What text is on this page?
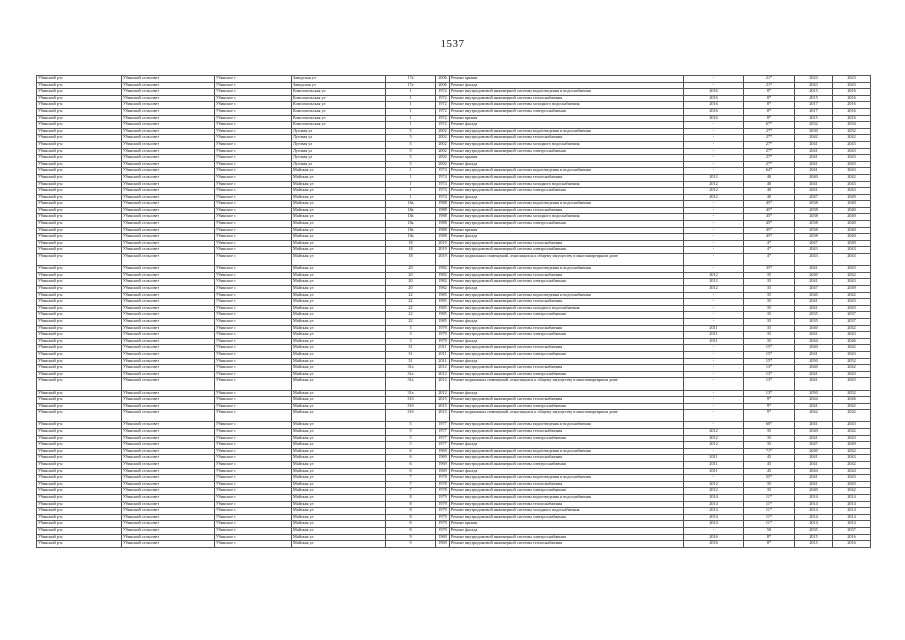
1537
Убинский р-н	Убинский сельсовет	Убинское с	Заводская ул	17а	2006	Ремонт крыши	-	21*	2023	2023
Убинский р-н	Убинский сельсовет	Убинское с	Заводская ул	17а	2006	Ремонт фасада	-	21*	2043	2043
Убинский р-н	Убинский сельсовет	Убинское с	Комсомольская ул	1	1972	Ремонт внутридомовой инженерной системы водоотведения и водоснабжения	2016	8*	2015	2016
Убинский р-н	Убинский сельсовет	Убинское с	Комсомольская ул	1	1972	Ремонт внутридомовой инженерной системы теплоснабжения	2016	8*	2015	2016
Убинский р-н	Убинский сельсовет	Убинское с	Комсомольская ул	1	1972	Ремонт внутридомовой инженерной системы холодного водоснабжения	2016	8*	2017	2016
Убинский р-н	Убинский сельсовет	Убинское с	Комсомольская ул	1	1972	Ремонт внутридомовой инженерной системы электроснабжения	2016	8*	2017	2016
Убинский р-н	Убинский сельсовет	Убинское с	Комсомольская ул	1	1972	Ремонт крыши	2016	8*	2015	2016
Убинский р-н	Убинский сельсовет	Убинское с	Комсомольская ул	1	1972	Ремонт фасада	-	67*	2032	2034
Убинский р-н	Убинский сельсовет	Убинское с	Луговая ул	5	2002	Ремонт внутридомовой инженерной системы водоотведения и водоснабжения	-	27*	2030	2032
Убинский р-н	Убинский сельсовет	Убинское с	Луговая ул	5	2002	Ремонт внутридомовой инженерной системы теплоснабжения	-	27*	2042	2042
Убинский р-н	Убинский сельсовет	Убинское с	Луговая ул	5	2002	Ремонт внутридомовой инженерной системы холодного водоснабжения	-	27*	2041	2043
Убинский р-н	Убинский сельсовет	Убинское с	Луговая ул	5	2002	Ремонт внутридомовой инженерной системы электроснабжения	-	27*	2041	2043
Убинский р-н	Убинский сельсовет	Убинское с	Луговая ул	5	2002	Ремонт крыши	-	27*	2041	2043
Убинский р-н	Убинский сельсовет	Убинское с	Луговая ул	5	2002	Ремонт фасада	-	27*	2041	2043
Убинский р-н	Убинский сельсовет	Убинское с	Майская ул	1	1974	Ремонт внутридомовой инженерной системы водоотведения и водоснабжения	-	64*	2041	2043
Убинский р-н	Убинский сельсовет	Убинское с	Майская ул	1	1974	Ремонт внутридомовой инженерной системы теплоснабжения	2012	40	2040	2042
Убинский р-н	Убинский сельсовет	Убинское с	Майская ул	1	1974	Ремонт внутридомовой инженерной системы холодного водоснабжения	2012	40	2041	2043
Убинский р-н	Убинский сельсовет	Убинское с	Майская ул	1	1974	Ремонт внутридомовой инженерной системы электроснабжения	2012	40	2041	2043
Убинский р-н	Убинский сельсовет	Убинское с	Майская ул	1	1974	Ремонт фасада	2012	40	2047	2049
Убинский р-н	Убинский сельсовет	Убинское с	Майская ул	18а	1988	Ремонт внутридомовой инженерной системы водоотведения и водоснабжения	-	45*	2038	2040
Убинский р-н	Убинский сельсовет	Убинское с	Майская ул	18а	1988	Ремонт внутридомовой инженерной системы теплоснабжения	-	45*	2038	2040
Убинский р-н	Убинский сельсовет	Убинское с	Майская ул	18а	1988	Ремонт внутридомовой инженерной системы холодного водоснабжения	-	45*	2038	2040
Убинский р-н	Убинский сельсовет	Убинское с	Майская ул	18а	1988	Ремонт внутридомовой инженерной системы электроснабжения	-	45*	2038	2040
Убинский р-н	Убинский сельсовет	Убинское с	Майская ул	18а	1988	Ремонт крыши	-	45*	2038	2040
Убинский р-н	Убинский сельсовет	Убинское с	Майская ул	18а	1988	Ремонт фасада	-	45*	2038	2040
Убинский р-н	Убинский сельсовет	Убинское с	Майская ул	18	2019	Ремонт внутридомовой инженерной системы теплоснабжения	-	4*	2047	2049
Убинский р-н	Убинский сельсовет	Убинское с	Майская ул	18	2019	Ремонт внутридомовой инженерной системы электроснабжения	-	4*	2043	2043
Убинский р-н	Убинский сельсовет	Убинское с	Майская ул	18	2019	Ремонт подвальных помещений, относящихся к общему имуществу в многоквартирном доме	-	4*	2043	2043
Убинский р-н	Убинский сельсовет	Убинское с	Майская ул	20	1982	Ремонт внутридомовой инженерной системы водоотведения и водоснабжения	-	35*	2041	2043
Убинский р-н	Убинский сельсовет	Убинское с	Майская ул	20	1982	Ремонт внутридомовой инженерной системы теплоснабжения	2012	35	2040	2042
Убинский р-н	Убинский сельсовет	Убинское с	Майская ул	20	1982	Ремонт внутридомовой инженерной системы электроснабжения	2012	35	2041	2043
Убинский р-н	Убинский сельсовет	Убинское с	Майская ул	20	1982	Ремонт фасада	2012	35	2047	2049
Убинский р-н	Убинский сельсовет	Убинское с	Майская ул	22	1985	Ремонт внутридомовой инженерной системы водоотведения и водоснабжения	-	35	2040	2042
Убинский р-н	Убинский сельсовет	Убинское с	Майская ул	22	1985	Ремонт внутридомовой инженерной системы теплоснабжения	-	35	2041	2043
Убинский р-н	Убинский сельсовет	Убинское с	Майская ул	22	1985	Ремонт внутридомовой инженерной системы холодного водоснабжения	-	35	2041	2043
Убинский р-н	Убинский сельсовет	Убинское с	Майская ул	22	1985	Ремонт внутридомовой инженерной системы электроснабжения	-	35	2035	2037
Убинский р-н	Убинский сельсовет	Убинское с	Майская ул	22	1985	Ремонт фасада	-	35	2035	2037
Убинский р-н	Убинский сельсовет	Убинское с	Майская ул	3	1979	Ремонт внутридомовой инженерной системы теплоснабжения	2011	35	2040	2042
Убинский р-н	Убинский сельсовет	Убинское с	Майская ул	3	1979	Ремонт внутридомовой инженерной системы электроснабжения	2011	35	2041	2043
Убинский р-н	Убинский сельсовет	Убинское с	Майская ул	3	1979	Ремонт фасада	2011	35	2044	2046
Убинский р-н	Убинский сельсовет	Убинское с	Майская ул	31	2011	Ремонт внутридомовой инженерной системы теплоснабжения	-	15*	2040	2042
Убинский р-н	Убинский сельсовет	Убинское с	Майская ул	31	2011	Ремонт внутридомовой инженерной системы электроснабжения	-	15*	2041	2043
Убинский р-н	Убинский сельсовет	Убинское с	Майская ул	31	2011	Ремонт фасада	-	15*	2050	2052
Убинский р-н	Убинский сельсовет	Убинское с	Майская ул	31а	2012	Ремонт внутридомовой инженерной системы теплоснабжения	-	13*	2040	2042
Убинский р-н	Убинский сельсовет	Убинское с	Майская ул	31а	2012	Ремонт внутридомовой инженерной системы электроснабжения	-	13*	2041	2043
Убинский р-н	Убинский сельсовет	Убинское с	Майская ул	31а	2012	Ремонт подвальных помещений, относящихся к общему имуществу в многоквартирном доме	-	13*	2041	2043
Убинский р-н	Убинский сельсовет	Убинское с	Майская ул	31а	2012	Ремонт фасада	-	13*	2050	2052
Убинский р-н	Убинский сельсовет	Убинское с	Майская ул	31б	2015	Ремонт внутридомовой инженерной системы теплоснабжения	-	9*	2044	2046
Убинский р-н	Убинский сельсовет	Убинское с	Майская ул	31б	2015	Ремонт внутридомовой инженерной системы электроснабжения	-	9*	2041	2042
Убинский р-н	Убинский сельсовет	Убинское с	Майская ул	31б	2015	Ремонт подвальных помещений, относящихся к общему имуществу в многоквартирном доме	-	9*	2042	2042
Убинский р-н	Убинский сельсовет	Убинское с	Майская ул	5	1977	Ремонт внутридомовой инженерной системы водоотведения и водоснабжения	-	60*	2041	2043
Убинский р-н	Убинский сельсовет	Убинское с	Майская ул	5	1977	Ремонт внутридомовой инженерной системы теплоснабжения	2012	35	2040	2042
Убинский р-н	Убинский сельсовет	Убинское с	Майская ул	5	1977	Ремонт внутридомовой инженерной системы электроснабжения	2012	35	2041	2043
Убинский р-н	Убинский сельсовет	Убинское с	Майская ул	5	1977	Ремонт фасада	2012	35	2047	2049
Убинский р-н	Убинский сельсовет	Убинское с	Майская ул	6	1969	Ремонт внутридомовой инженерной системы водоотведения и водоснабжения	-	71*	2040	2042
Убинский р-н	Убинский сельсовет	Убинское с	Майская ул	6	1969	Ремонт внутридомовой инженерной системы теплоснабжения	2011	45	2041	2043
Убинский р-н	Убинский сельсовет	Убинское с	Майская ул	6	1969	Ремонт внутридомовой инженерной системы электроснабжения	2011	45	2041	2042
Убинский р-н	Убинский сельсовет	Убинское с	Майская ул	6	1969	Ремонт фасада	2011	45	2044	2044
Убинский р-н	Убинский сельсовет	Убинское с	Майская ул	7	1978	Ремонт внутридомовой инженерной системы водоотведения и водоснабжения	-	55*	2041	2043
Убинский р-н	Убинский сельсовет	Убинское с	Майская ул	7	1978	Ремонт внутридомовой инженерной системы теплоснабжения	2012	35	2041	2043
Убинский р-н	Убинский сельсовет	Убинское с	Майская ул	7	1978	Ремонт внутридомовой инженерной системы электроснабжения	2012	35	2040	2042
Убинский р-н	Убинский сельсовет	Убинское с	Майская ул	8	1979	Ремонт внутридомовой инженерной системы водоотведения и водоснабжения	2014	11*	2014	2014
Убинский р-н	Убинский сельсовет	Убинское с	Майская ул	8	1979	Ремонт внутридомовой инженерной системы теплоснабжения	2014	11*	2014	2014
Убинский р-н	Убинский сельсовет	Убинское с	Майская ул	8	1979	Ремонт внутридомовой инженерной системы холодного водоснабжения	2014	11*	2014	2014
Убинский р-н	Убинский сельсовет	Убинское с	Майская ул	8	1979	Ремонт внутридомовой инженерной системы электроснабжения	2014	11*	2014	2014
Убинский р-н	Убинский сельсовет	Убинское с	Майская ул	8	1979	Ремонт крыши	2014	11*	2014	2014
Убинский р-н	Убинский сельсовет	Убинское с	Майская ул	8	1979	Ремонт фасада	-	50	2035	2037
Убинский р-н	Убинский сельсовет	Убинское с	Майская ул	9	1969	Ремонт внутридомовой инженерной системы электроснабжения	2016	8*	2015	2016
Убинский р-н	Убинский сельсовет	Убинское с	Майская ул	9	1969	Ремонт внутридомовой инженерной системы теплоснабжения	2016	8*	2015	2016
